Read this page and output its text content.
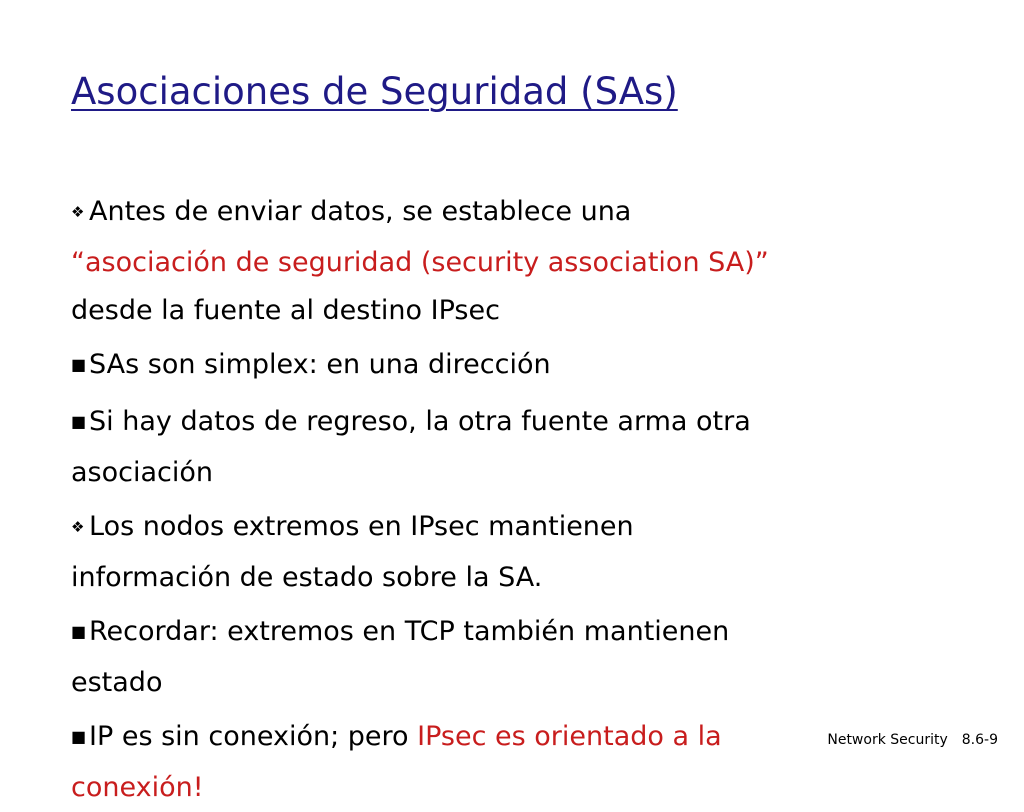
Asociaciones de Seguridad (SAs)
❖ Antes de enviar datos, se establece una
“asociación de seguridad (security association SA)”
desde la fuente al destino IPsec
■ SAs son simplex: en una dirección
■ Si hay datos de regreso, la otra fuente arma otra
asociación
❖ Los nodos extremos en IPsec mantienen
información de estado sobre la SA.
■ Recordar: extremos en TCP también mantienen
estado
■ IP es sin conexión; pero IPsec es orientado a la
conexión!
Network Security 8.6-9
